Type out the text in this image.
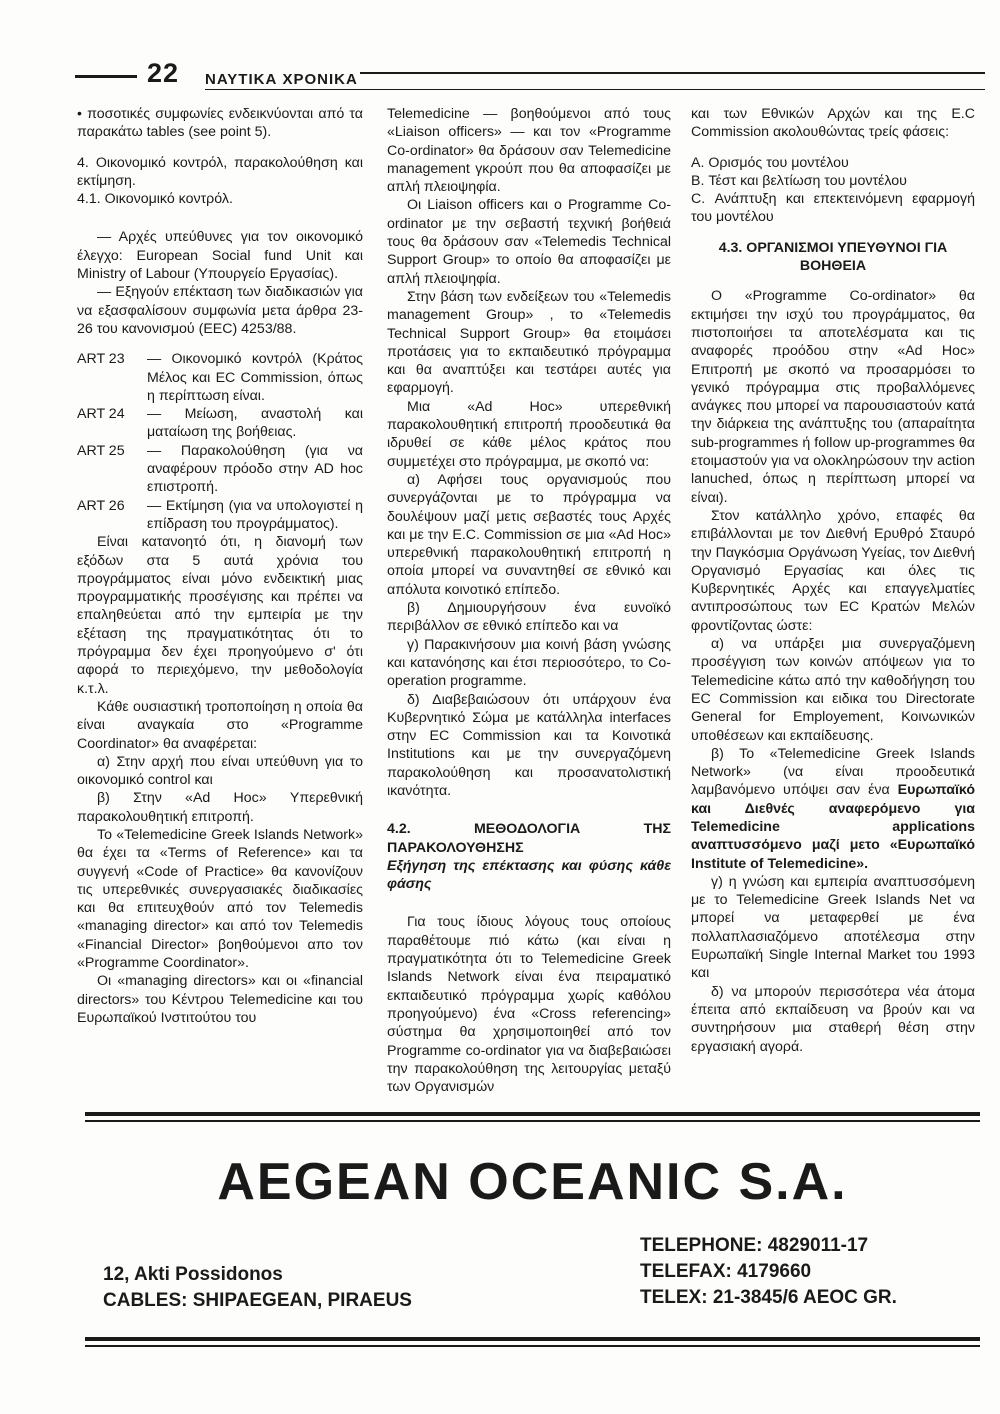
22 ΝΑΥΤΙΚΑ ΧΡΟΝΙΚΑ

• ποσοτικές συμφωνίες ενδεικνύονται από τα παρακάτω tables (see point 5).

4. Οικονομικό κοντρόλ, παρακολούθηση και εκτίμηση.

4.1. Οικονομικό κοντρόλ.

— Αρχές υπεύθυνες για τον οικονομικό έλεγχο: European Social fund Unit και Ministry of Labour (Υπουργείο Εργασίας).

— Εξηγούν επέκταση των διαδικασιών για να εξασφαλίσουν συμφωνία μετα άρθρα 23-26 του κανονισμού (EEC) 4253/88.

ART 23	— Οικονομικό κοντρόλ (Κράτος Μέλος και EC Commission, όπως η περίπτωση είναι.
ART 24	— Μείωση, αναστολή και ματαίωση της βοήθειας.
ART 25	— Παρακολούθηση (για να αναφέρουν πρόοδο στην AD hoc επιστροπή.
ART 26	— Εκτίμηση (για να υπολογιστεί η επίδραση του προγράμματος).

Είναι κατανοητό ότι, η διανομή των εξόδων στα 5 αυτά χρόνια του προγράμματος είναι μόνο ενδεικτική μιας προγραμματικής προσέγισης και πρέπει να επαληθεύεται από την εμπειρία με την εξέταση της πραγματικότητας ότι το πρόγραμμα δεν έχει προηγούμενο σ' ότι αφορά το περιεχόμενο, την μεθοδολογία κ.τ.λ.

Κάθε ουσιαστική τροποποίηση η οποία θα είναι αναγκαία στο «Programme Coordinator» θα αναφέρεται:

α) Στην αρχή που είναι υπεύθυνη για το οικονομικό control και

β) Στην «Ad Hoc» Υπερεθνική παρακολουθητική επιτροπή.

Το «Telemedicine Greek Islands Network» θα έχει τα «Terms of Reference» και τα συγγενή «Code of Practice» θα κανονίζουν τις υπερεθνικές συνεργασιακές διαδικασίες και θα επιτευχθούν από τον Telemedis «managing director» και από τον Telemedis «Financial Director» βοηθούμενοι απο τον «Programme Coordinator».

Οι «managing directors» και οι «financial directors» του Κέντρου Telemedicine και του Ευρωπαϊκού Ινστιτούτου του

Telemedicine — βοηθούμενοι από τους «Liaison officers» — και τον «Programme Co-ordinator» θα δράσουν σαν Telemedicine management γκρούπ που θα αποφασίζει με απλή πλειοψηφία.

Οι Liaison officers και ο Programme Co-ordinator με την σεβαστή τεχνική βοήθειά τους θα δράσουν σαν «Telemedis Technical Support Group» το οποίο θα αποφασίζει με απλή πλειοψηφία.

Στην βάση των ενδείξεων του «Telemedis management Group» , το «Telemedis Technical Support Group» θα ετοιμάσει προτάσεις για το εκπαιδευτικό πρόγραμμα και θα αναπτύξει και τεστάρει αυτές για εφαρμογή.

Μια «Ad Hoc» υπερεθνική παρακολουθητική επιτροπή προοδευτικά θα ιδρυθεί σε κάθε μέλος κράτος που συμμετέχει στο πρόγραμμα, με σκοπό να:

α) Αφήσει τους οργανισμούς που συνεργάζονται με το πρόγραμμα να δουλέψουν μαζί μετις σεβαστές τους Αρχές και με την E.C. Commission σε μια «Ad Hoc» υπερεθνική παρακολουθητική επιτροπή η οποία μπορεί να συναντηθεί σε εθνικό και απόλυτα κοινοτικό επίπεδο.

β) Δημιουργήσουν ένα ευνοϊκό περιβάλλον σε εθνικό επίπεδο και να

γ) Παρακινήσουν μια κοινή βάση γνώσης και κατανόησης και έτσι περιοσότερο, το Co-operation programme.

δ) Διαβεβαιώσουν ότι υπάρχουν ένα Κυβερνητικό Σώμα με κατάλληλα interfaces στην EC Commission και τα Κοινοτικά Institutions και με την συνεργαζόμενη παρακολούθηση και προσανατολιστική ικανότητα.

4.2. ΜΕΘΟΔΟΛΟΓΙΑ ΤΗΣ ΠΑΡΑΚΟΛΟΥΘΗΣΗΣ

Εξήγηση της επέκτασης και φύσης κάθε φάσης

Για τους ίδιους λόγους τους οποίους παραθέτουμε πιό κάτω (και είναι η πραγματικότητα ότι το Telemedicine Greek Islands Network είναι ένα πειραματικό εκπαιδευτικό πρόγραμμα χωρίς καθόλου προηγούμενο) ένα «Cross referencing» σύστημα θα χρησιμοποιηθεί από τον Programme co-ordinator για να διαβεβαιώσει την παρακολούθηση της λειτουργίας μεταξύ των Οργανισμών

και των Εθνικών Αρχών και της E.C Commission ακολουθώντας τρείς φάσεις:

A. Ορισμός του μοντέλου

B. Τέστ και βελτίωση του μοντέλου

C. Ανάπτυξη και επεκτεινόμενη εφαρμογή του μοντέλου

4.3. ΟΡΓΑΝΙΣΜΟΙ ΥΠΕΥΘΥΝΟΙ ΓΙΑ ΒΟΗΘΕΙΑ

Ο «Programme Co-ordinator» θα εκτιμήσει την ισχύ του προγράμματος, θα πιστοποιήσει τα αποτελέσματα και τις αναφορές προόδου στην «Ad Hoc» Επιτροπή με σκοπό να προσαρμόσει το γενικό πρόγραμμα στις προβαλλόμενες ανάγκες που μπορεί να παρουσιαστούν κατά την διάρκεια της ανάπτυξης του (απαραίτητα sub-programmes ή follow up-programmes θα ετοιμαστούν για να ολοκληρώσουν την action lanuched, όπως η περίπτωση μπορεί να είναι).

Στον κατάλληλο χρόνο, επαφές θα επιβάλλονται με τον Διεθνή Ερυθρό Σταυρό την Παγκόσμια Οργάνωση Υγείας, τον Διεθνή Οργανισμό Εργασίας και όλες τις Κυβερνητικές Αρχές και επαγγελματίες αντιπροσώπους των EC Κρατών Μελών φροντίζοντας ώστε:

α) να υπάρξει μια συνεργαζόμενη προσέγγιση των κοινών απόψεων για το Telemedicine κάτω από την καθοδήγηση του EC Commission και ειδικα του Directorate General for Employement, Κοινωνικών υποθέσεων και εκπαίδευσης.

β) Το «Telemedicine Greek Islands Network» (να είναι προοδευτικά λαμβανόμενο υπόψει σαν ένα Ευρωπαϊκό και Διεθνές αναφερόμενο για Telemedicine applications αναπτυσσόμενο μαζί μετο «Ευρωπαϊκό Institute of Telemedicine».

γ) η γνώση και εμπειρία αναπτυσσόμενη με το Telemedicine Greek Islands Net να μπορεί να μεταφερθεί με ένα πολλαπλασιαζόμενο αποτέλεσμα στην Ευρωπαϊκή Single Internal Market του 1993 και

δ) να μπορούν περισσότερα νέα άτομα έπειτα από εκπαίδευση να βρούν και να συντηρήσουν μια σταθερή θέση στην εργασιακή αγορά.

AEGEAN OCEANIC S.A.
12, Akti Possidonos
CABLES: SHIPAEGEAN, PIRAEUS
TELEPHONE: 4829011-17
TELEFAX: 4179660
TELEX: 21-3845/6 AEOC GR.
